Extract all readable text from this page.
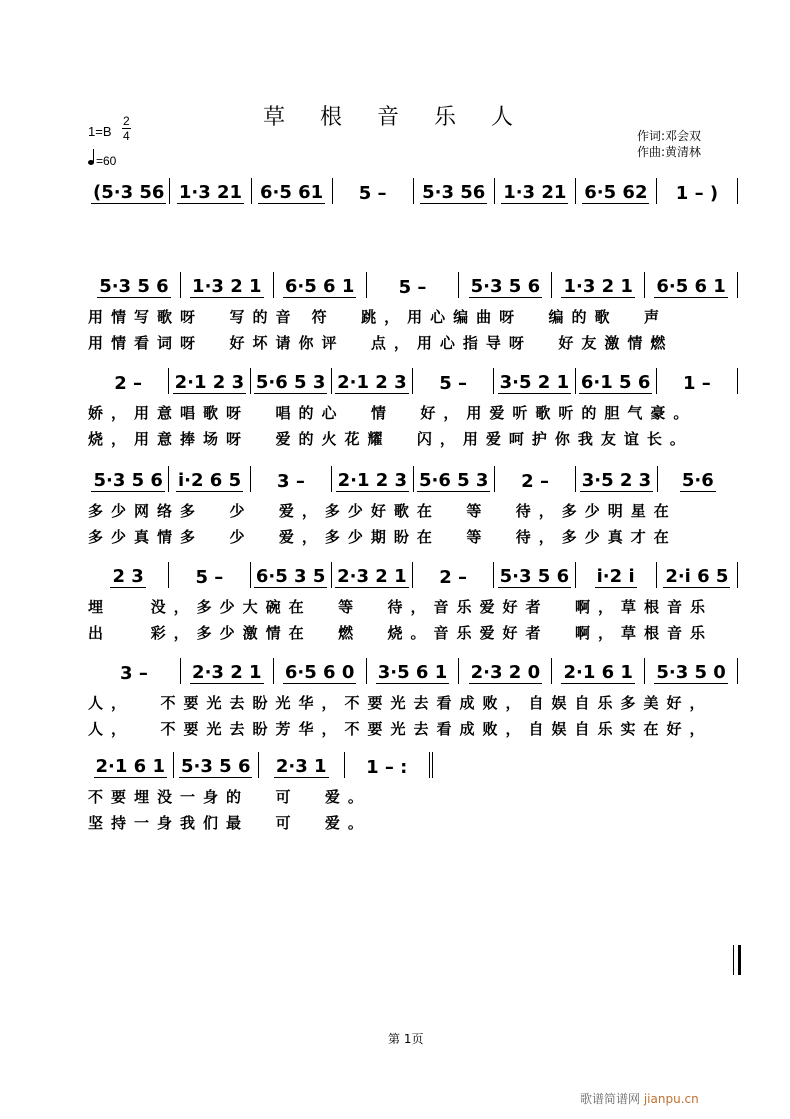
草 根 音 乐 人
1=B
2
4
=60
作词:邓会双
作曲:黄清林
(5·3 56 1·3 21 6·5 61 5 – 5·3 56 1·3 21 6·5 62 1 – )
5·3 5 6 1·3 2 1 6·5 6 1 5 – 5·3 5 6 1·3 2 1 6·5 6 1
用情写歌呀  写的音 符  跳，用心编曲呀  编的歌  声
用情看词呀  好坏请你评  点，用心指导呀  好友激情燃
2 – 2·1 2 3 5·6 5 3 2·1 2 3 5 – 3·5 2 1 6·1 5 6 1 –
娇，用意唱歌呀  唱的心  情  好，用爱听歌听的胆气豪。
烧，用意捧场呀  爱的火花耀  闪，用爱呵护你我友谊长。
5·3 5 6 i·2 6 5 3 – 2·1 2 3 5·6 5 3 2 – 3·5 2 3 5·6
多少网络多  少  爱，多少好歌在  等  待，多少明星在
多少真情多  少  爱，多少期盼在  等  待，多少真才在
2 3	5 – 6·5 3 5 2·3 2 1 2 – 5·3 5 6 i·2 i 2·i 6 5
埋   没，多少大碗在  等  待，音乐爱好者  啊，草根音乐
出   彩，多少激情在  燃  烧。音乐爱好者  啊，草根音乐
3 – 2·3 2 1 6·5 6 0 3·5 6 1 2·3 2 0 2·1 6 1 5·3 5 0
人，  不要光去盼光华，不要光去看成败，自娱自乐多美好，
人，  不要光去盼芳华，不要光去看成败，自娱自乐实在好，
2·1 6 1 5·3 5 6 2·3 1 1 – :
不要埋没一身的  可  爱。
坚持一身我们最  可  爱。
第 1页
歌谱简谱网 jianpu.cn
